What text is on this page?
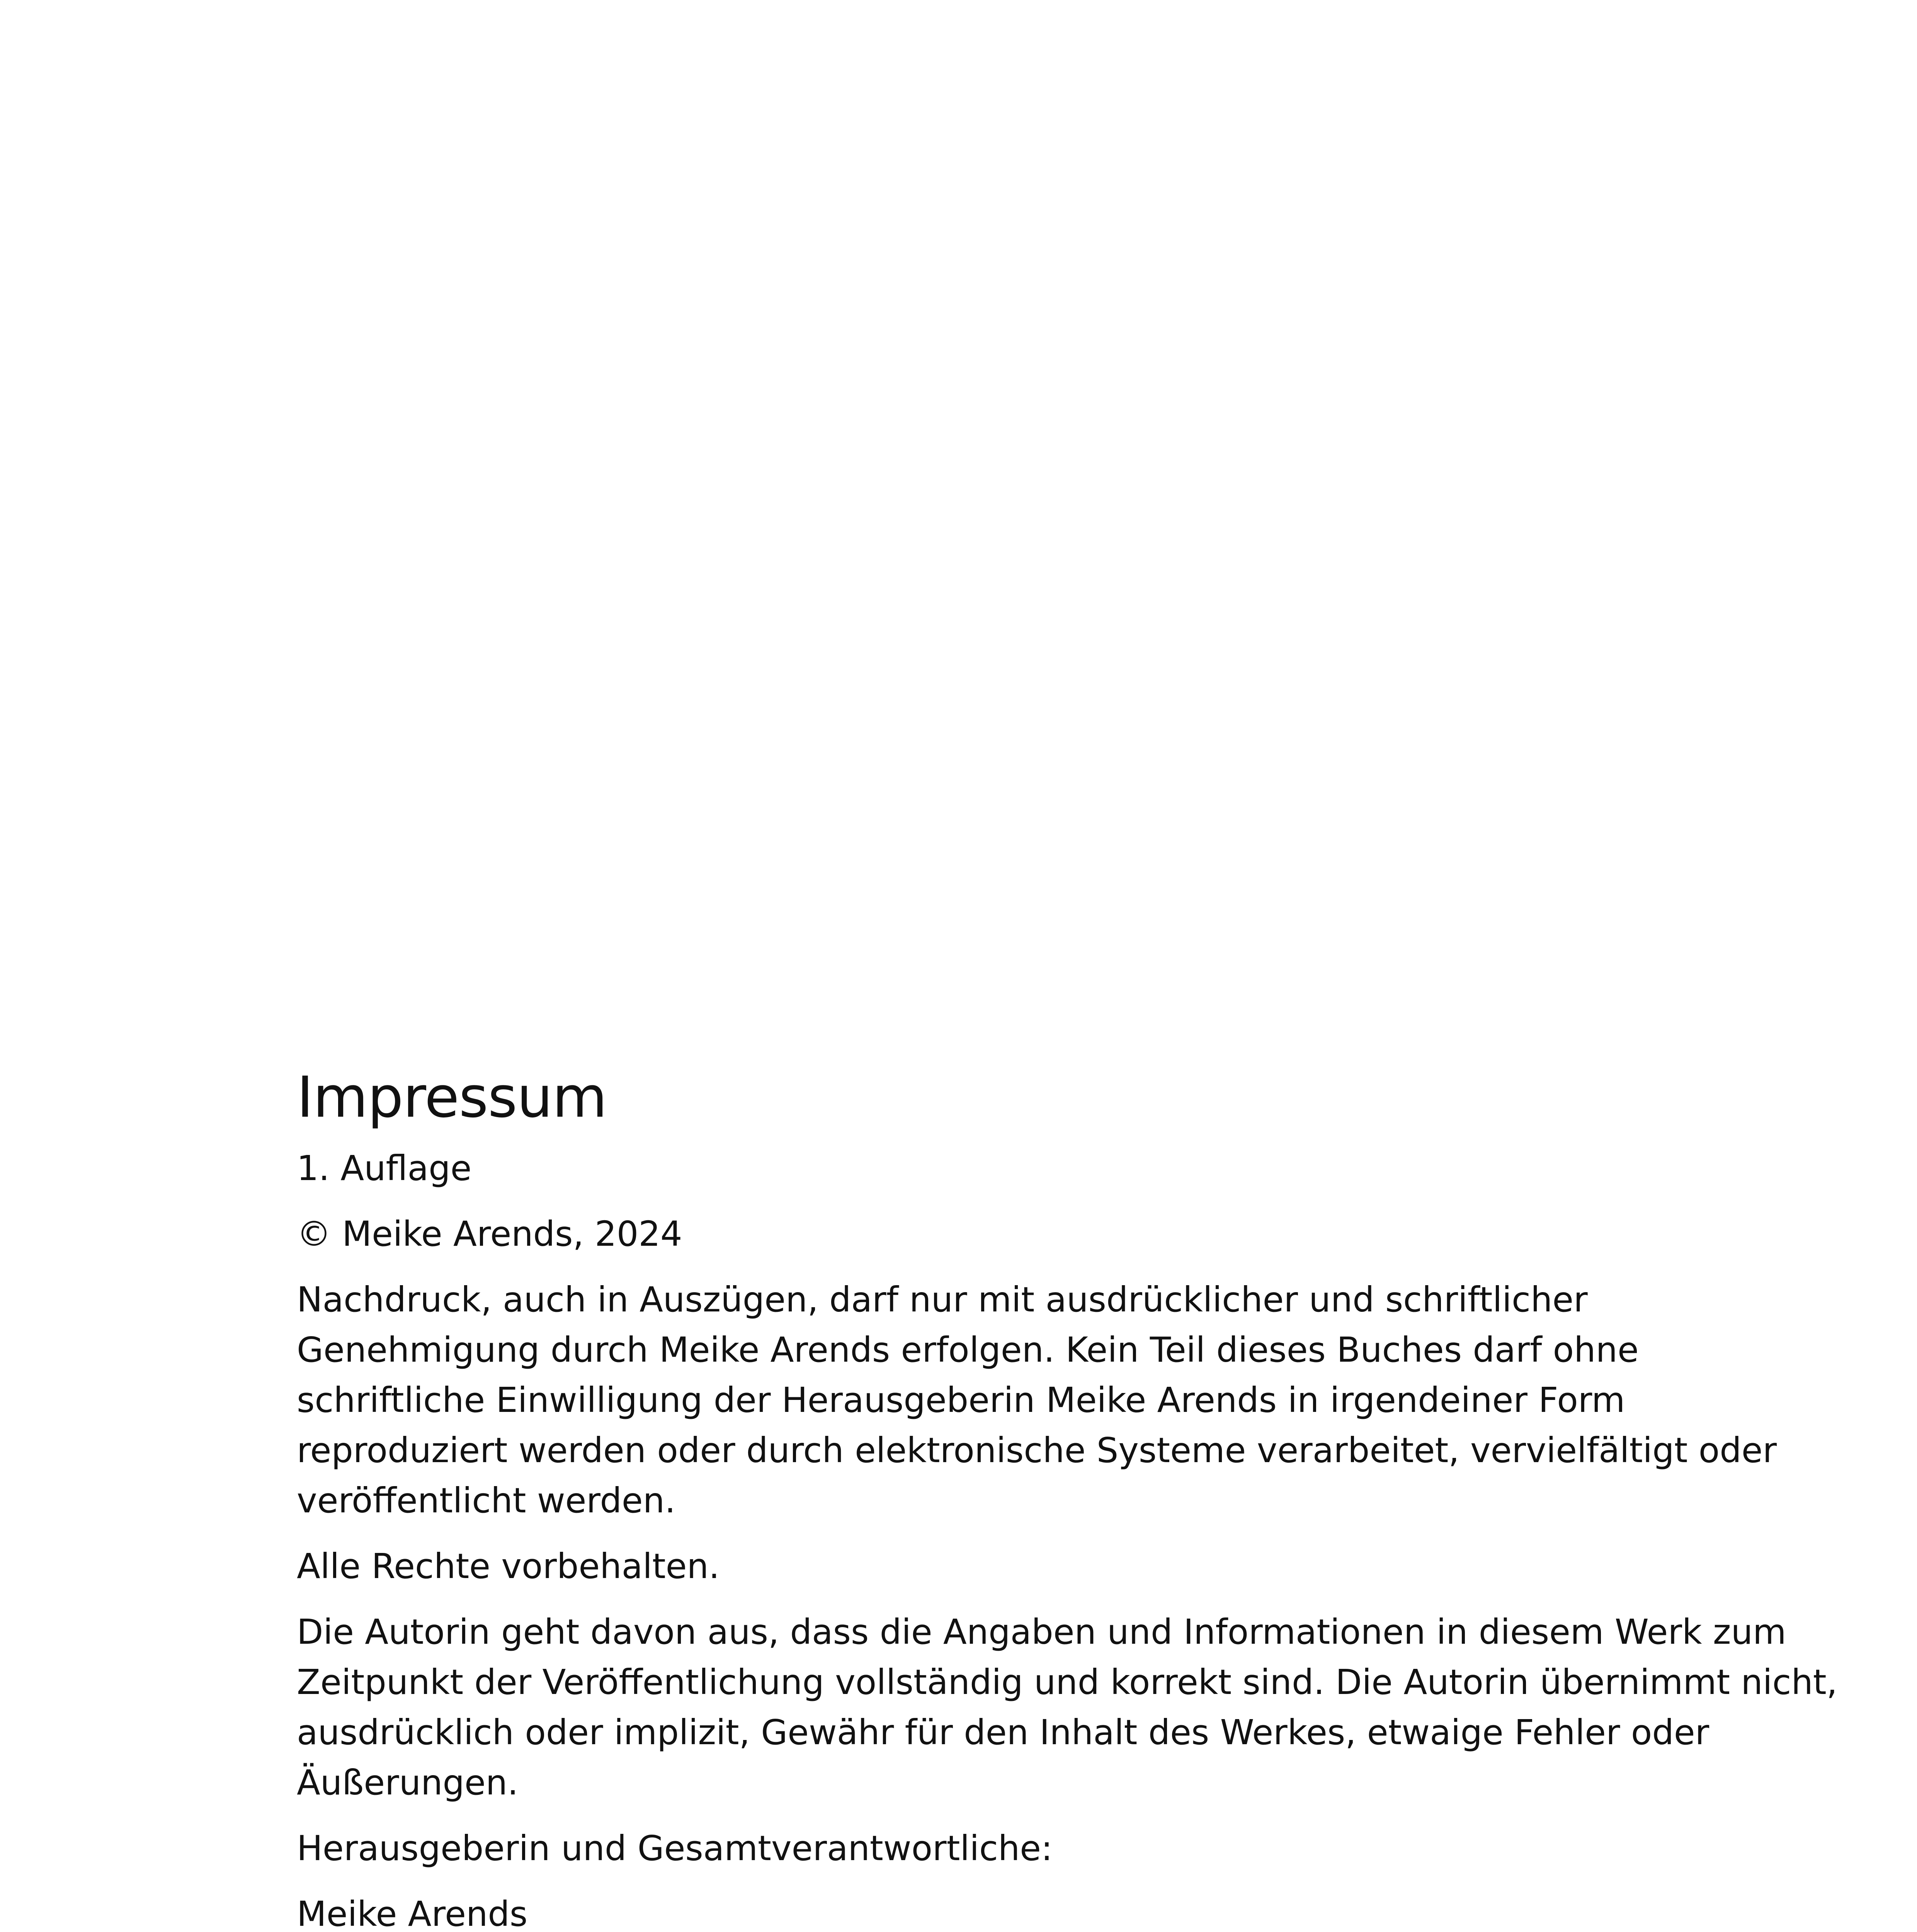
Impressum

1. Auflage

© Meike Arends, 2024

Nachdruck, auch in Auszügen, darf nur mit ausdrücklicher und schriftlicher

Genehmigung durch Meike Arends erfolgen. Kein Teil dieses Buches darf ohne

schriftliche Einwilligung der Herausgeberin Meike Arends in irgendeiner Form

reproduziert werden oder durch elektronische Systeme verarbeitet, vervielfältigt oder

veröffentlicht werden.

Alle Rechte vorbehalten.

Die Autorin geht davon aus, dass die Angaben und Informationen in diesem Werk zum

Zeitpunkt der Veröffentlichung vollständig und korrekt sind. Die Autorin übernimmt nicht,

ausdrücklich oder implizit, Gewähr für den Inhalt des Werkes, etwaige Fehler oder

Äußerungen.

Herausgeberin und Gesamtverantwortliche:

Meike Arends
